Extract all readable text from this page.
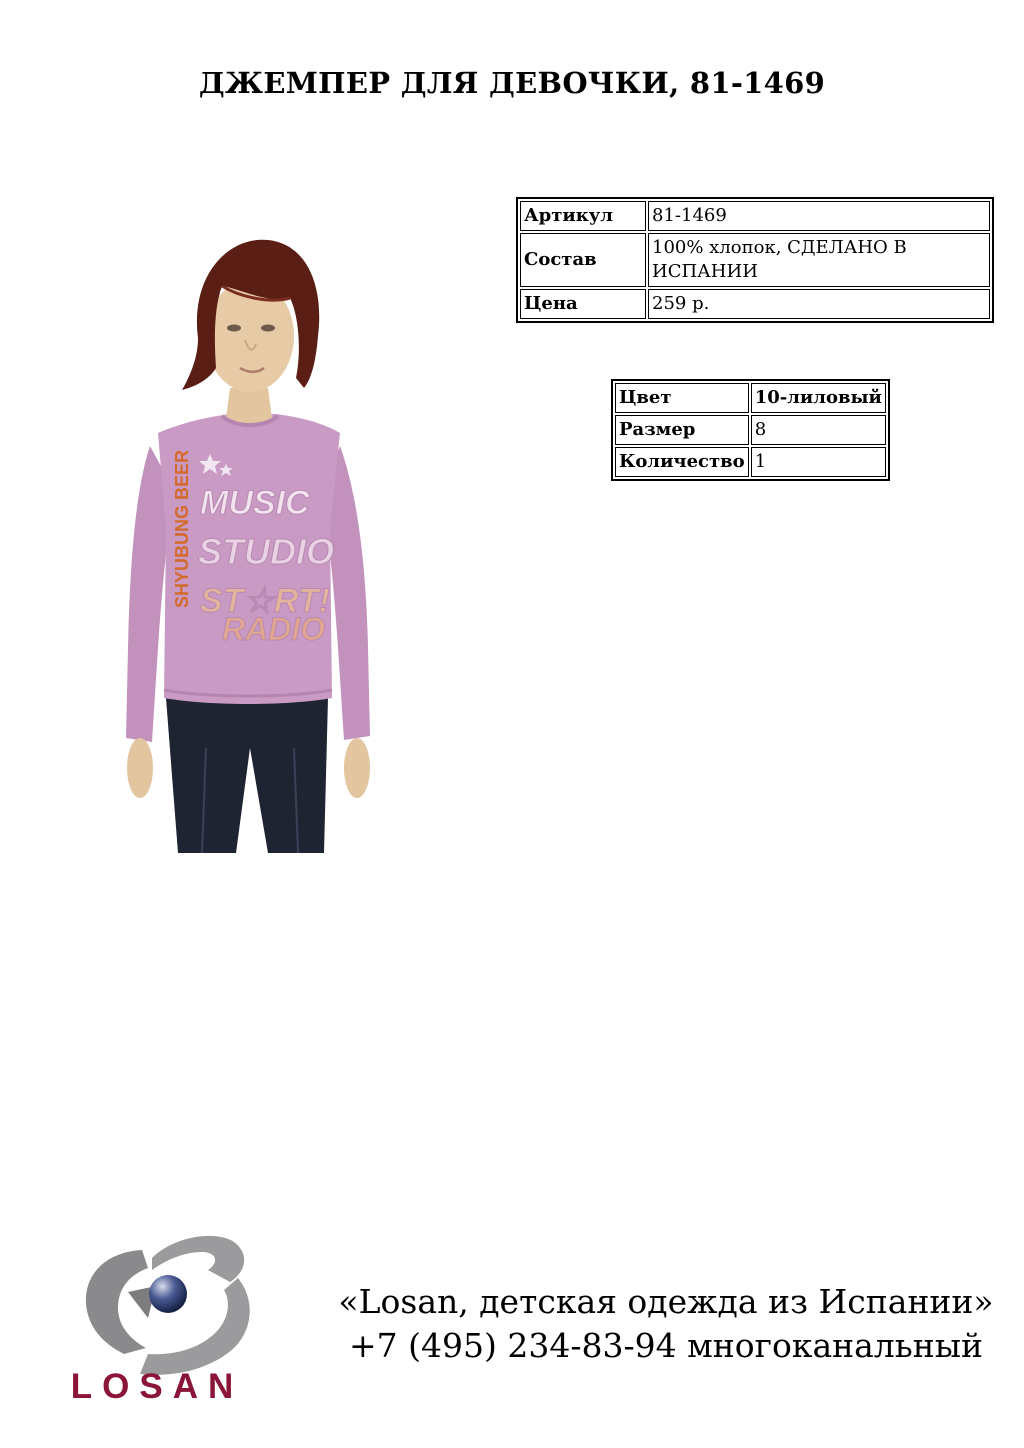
ДЖЕМПЕР ДЛЯ ДЕВОЧКИ, 81-1469
MUSIC
STUDIO
ST☆RT!
RADIO
SHYUBUNG BEER
Артикул	81-1469
Состав	100% хлопок, СДЕЛАНО В ИСПАНИИ
Цена	259 р.
Цвет	10-лиловый
Размер	8
Количество	1
LOSAN
«Losan, детская одежда из Испании»
+7 (495) 234-83-94 многоканальный
